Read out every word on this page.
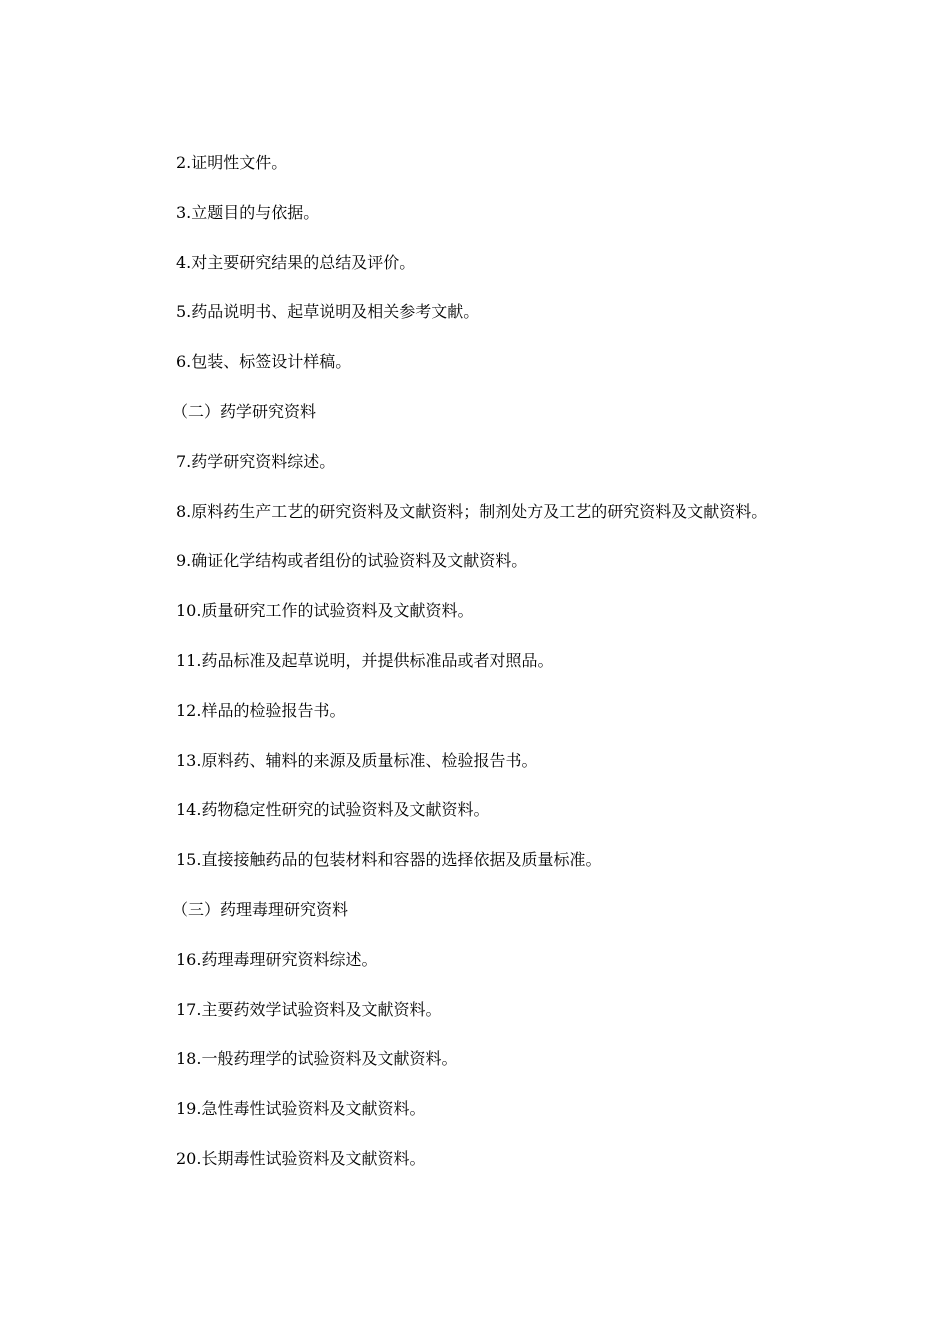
2.证明性文件。
3.立题目的与依据。
4.对主要研究结果的总结及评价。
5.药品说明书、起草说明及相关参考文献。
6.包装、标签设计样稿。
（二）药学研究资料
7.药学研究资料综述。
8.原料药生产工艺的研究资料及文献资料；制剂处方及工艺的研究资料及文献资料。
9.确证化学结构或者组份的试验资料及文献资料。
10.质量研究工作的试验资料及文献资料。
11.药品标准及起草说明，并提供标准品或者对照品。
12.样品的检验报告书。
13.原料药、辅料的来源及质量标准、检验报告书。
14.药物稳定性研究的试验资料及文献资料。
15.直接接触药品的包装材料和容器的选择依据及质量标准。
（三）药理毒理研究资料
16.药理毒理研究资料综述。
17.主要药效学试验资料及文献资料。
18.一般药理学的试验资料及文献资料。
19.急性毒性试验资料及文献资料。
20.长期毒性试验资料及文献资料。
